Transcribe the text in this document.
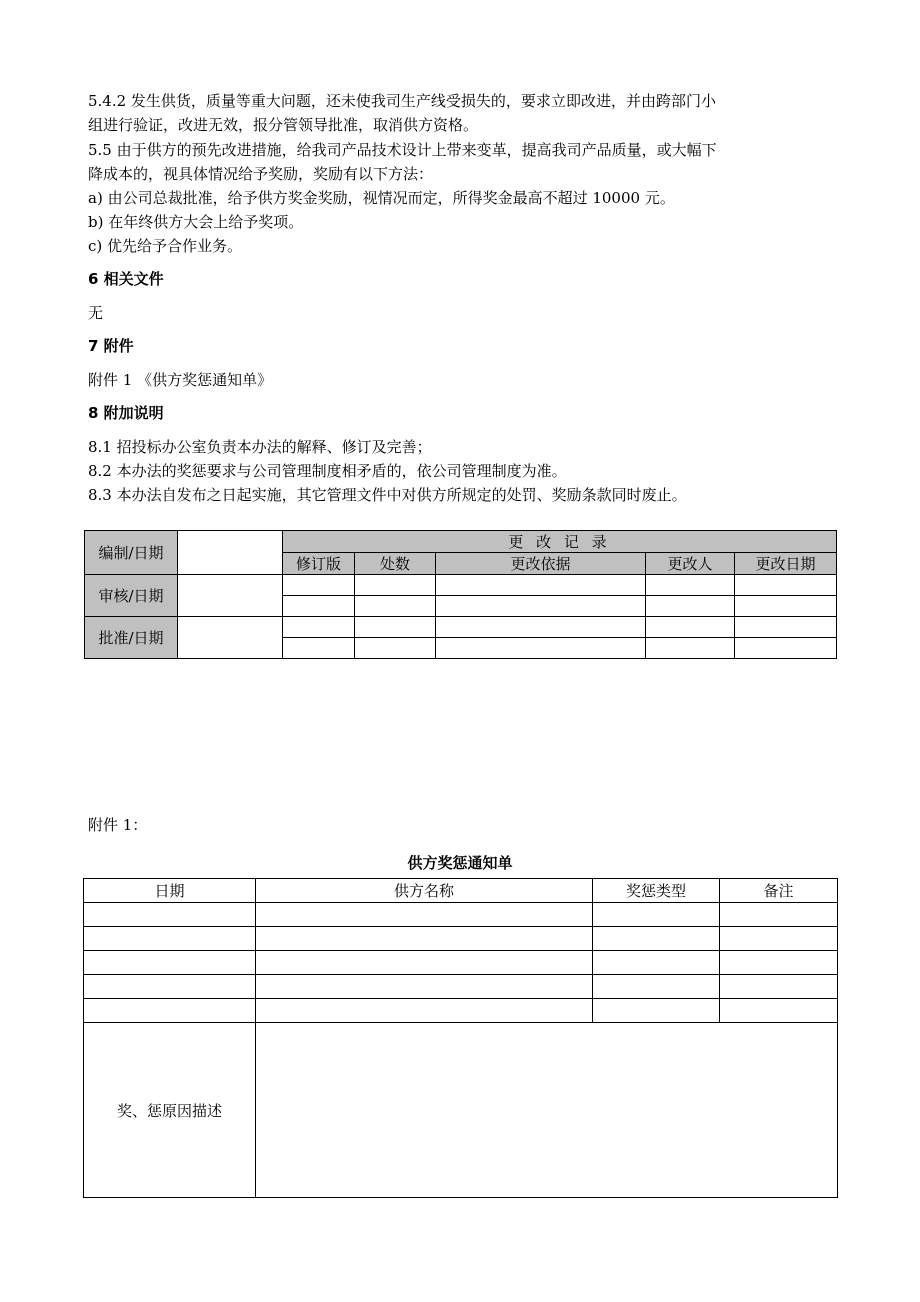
5.4.2 发生供货，质量等重大问题，还未使我司生产线受损失的，要求立即改进，并由跨部门小
组进行验证，改进无效，报分管领导批准，取消供方资格。
5.5 由于供方的预先改进措施，给我司产品技术设计上带来变革，提高我司产品质量，或大幅下
降成本的，视具体情况给予奖励，奖励有以下方法：
a) 由公司总裁批准，给予供方奖金奖励，视情况而定，所得奖金最高不超过 10000 元。
b) 在年终供方大会上给予奖项。
c) 优先给予合作业务。
6 相关文件
无
7 附件
附件 1 《供方奖惩通知单》
8 附加说明
8.1 招投标办公室负责本办法的解释、修订及完善；
8.2 本办法的奖惩要求与公司管理制度相矛盾的，依公司管理制度为准。
8.3 本办法自发布之日起实施，其它管理文件中对供方所规定的处罚、奖励条款同时废止。
编制/日期		更 改 记 录				
		修订版	处数	更改依据	更改人	更改日期
审核/日期						

批准/日期						

附件 1：
供方奖惩通知单
日期	供方名称	奖惩类型	备注

奖、惩原因描述			
